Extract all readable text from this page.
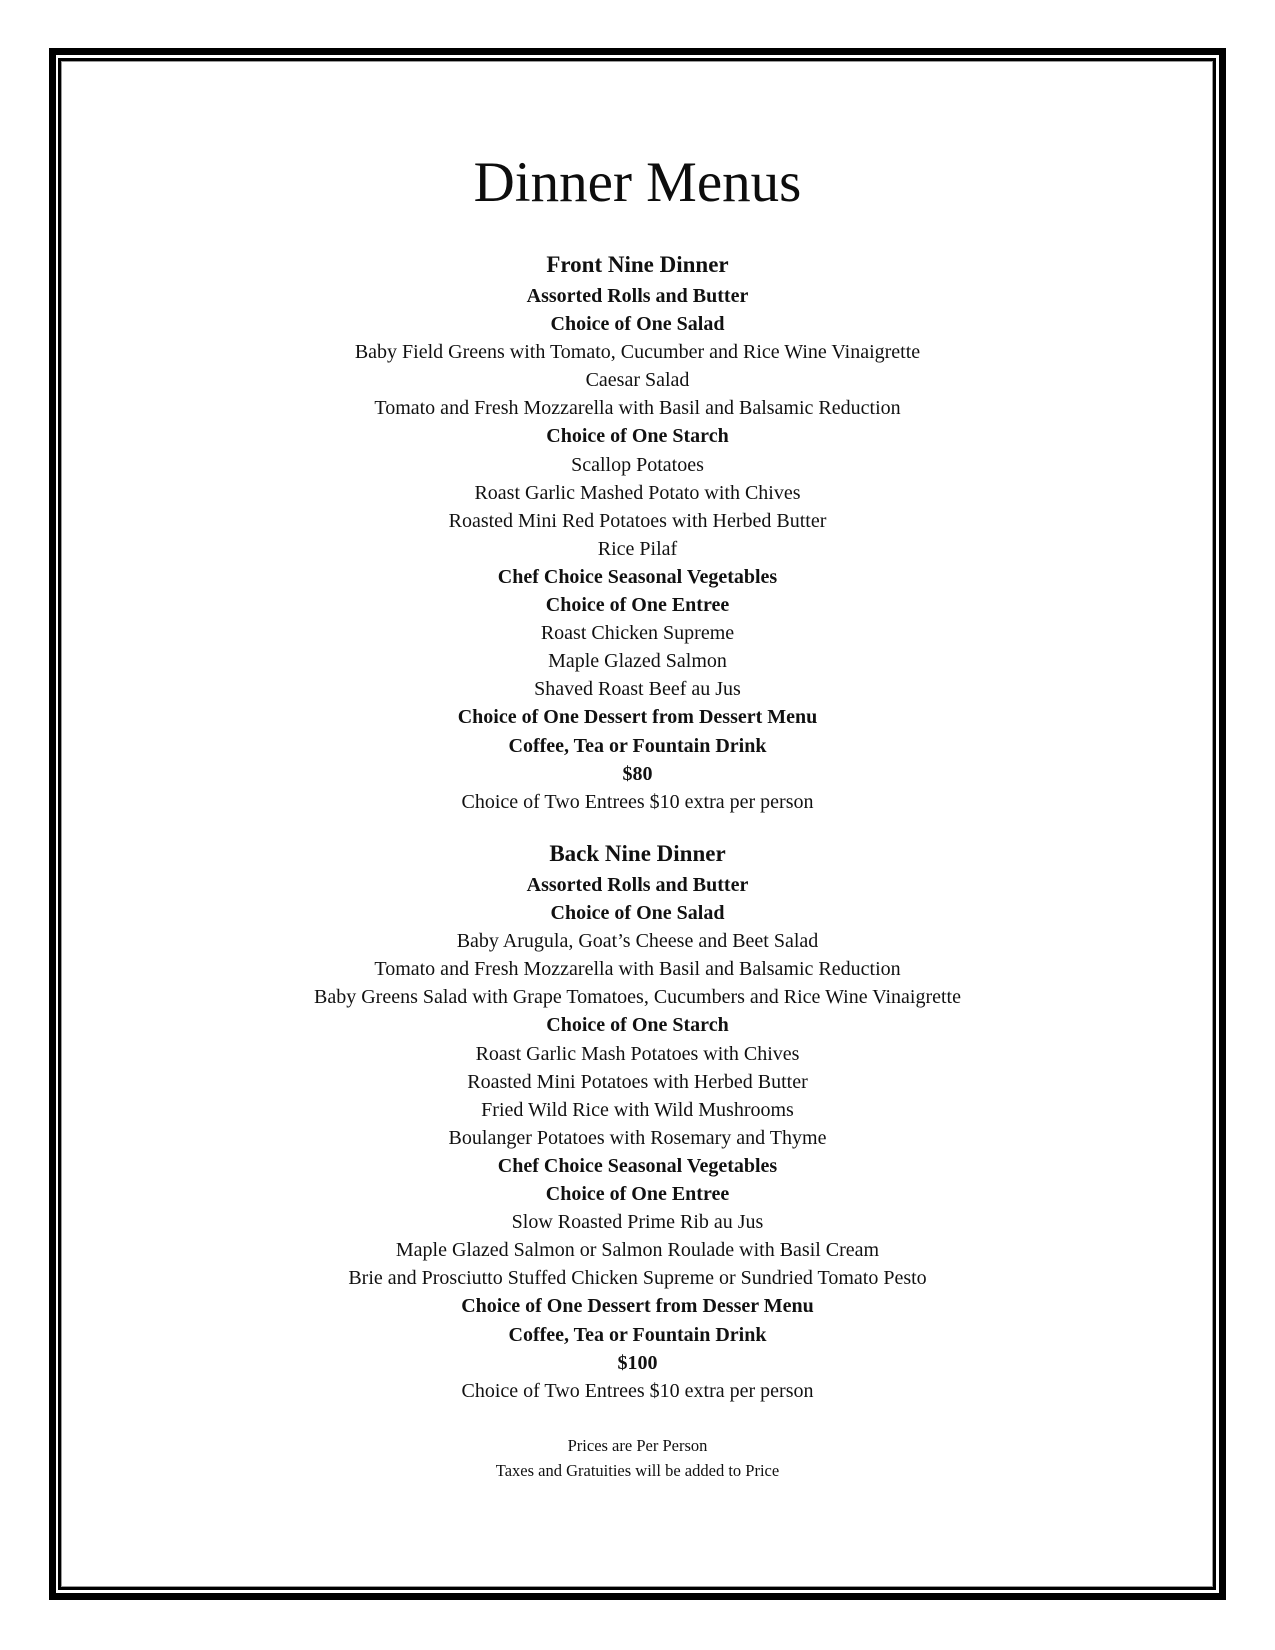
Dinner Menus
Front Nine Dinner
Assorted Rolls and Butter
Choice of One Salad
Baby Field Greens with Tomato, Cucumber and Rice Wine Vinaigrette
Caesar Salad
Tomato and Fresh Mozzarella with Basil and Balsamic Reduction
Choice of One Starch
Scallop Potatoes
Roast Garlic Mashed Potato with Chives
Roasted Mini Red Potatoes with Herbed Butter
Rice Pilaf
Chef Choice Seasonal Vegetables
Choice of One Entree
Roast Chicken Supreme
Maple Glazed Salmon
Shaved Roast Beef au Jus
Choice of One Dessert from Dessert Menu
Coffee, Tea or Fountain Drink
$80
Choice of Two Entrees $10 extra per person
Back Nine Dinner
Assorted Rolls and Butter
Choice of One Salad
Baby Arugula, Goat’s Cheese and Beet Salad
Tomato and Fresh Mozzarella with Basil and Balsamic Reduction
Baby Greens Salad with Grape Tomatoes, Cucumbers and Rice Wine Vinaigrette
Choice of One Starch
Roast Garlic Mash Potatoes with Chives
Roasted Mini Potatoes with Herbed Butter
Fried Wild Rice with Wild Mushrooms
Boulanger Potatoes with Rosemary and Thyme
Chef Choice Seasonal Vegetables
Choice of One Entree
Slow Roasted Prime Rib au Jus
Maple Glazed Salmon or Salmon Roulade with Basil Cream
Brie and Prosciutto Stuffed Chicken Supreme or Sundried Tomato Pesto
Choice of One Dessert from Desser Menu
Coffee, Tea or Fountain Drink
$100
Choice of Two Entrees $10 extra per person
Prices are Per Person
Taxes and Gratuities will be added to Price
